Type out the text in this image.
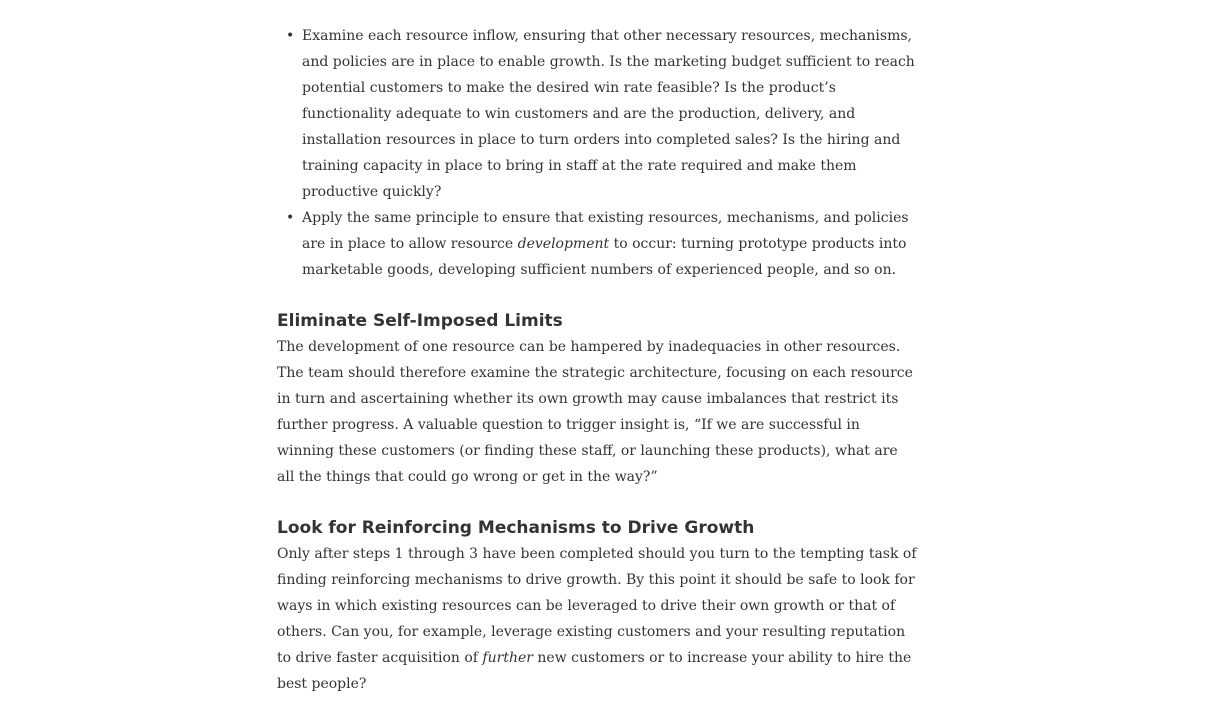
• Examine each resource inflow, ensuring that other necessary resources, mechanisms, and policies are in place to enable growth. Is the marketing budget sufficient to reach potential customers to make the desired win rate feasible? Is the product’s functionality adequate to win customers and are the production, delivery, and installation resources in place to turn orders into completed sales? Is the hiring and training capacity in place to bring in staff at the rate required and make them productive quickly?
• Apply the same principle to ensure that existing resources, mechanisms, and policies are in place to allow resource development to occur: turning prototype products into marketable goods, developing sufficient numbers of experienced people, and so on.
Eliminate Self-Imposed Limits

The development of one resource can be hampered by inadequacies in other resources. The team should therefore examine the strategic architecture, focusing on each resource in turn and ascertaining whether its own growth may cause imbalances that restrict its further progress. A valuable question to trigger insight is, “If we are successful in winning these customers (or finding these staff, or launching these products), what are all the things that could go wrong or get in the way?”

Look for Reinforcing Mechanisms to Drive Growth

Only after steps 1 through 3 have been completed should you turn to the tempting task of finding reinforcing mechanisms to drive growth. By this point it should be safe to look for ways in which existing resources can be leveraged to drive their own growth or that of others. Can you, for example, leverage existing customers and your resulting reputation to drive faster acquisition of further new customers or to increase your ability to hire the best people?
